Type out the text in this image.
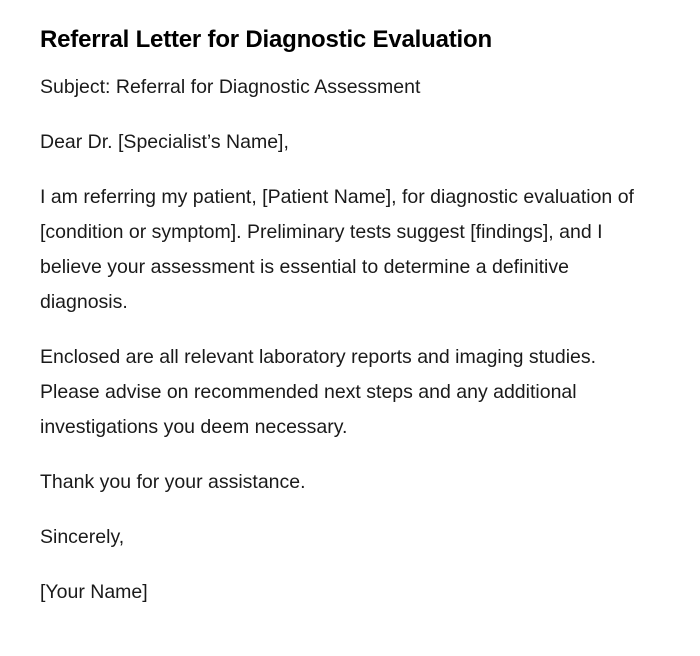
Referral Letter for Diagnostic Evaluation

Subject: Referral for Diagnostic Assessment

Dear Dr. [Specialist’s Name],

I am referring my patient, [Patient Name], for diagnostic evaluation of [condition or symptom]. Preliminary tests suggest [findings], and I believe your assessment is essential to determine a definitive diagnosis.

Enclosed are all relevant laboratory reports and imaging studies. Please advise on recommended next steps and any additional investigations you deem necessary.

Thank you for your assistance.

Sincerely,

[Your Name]
